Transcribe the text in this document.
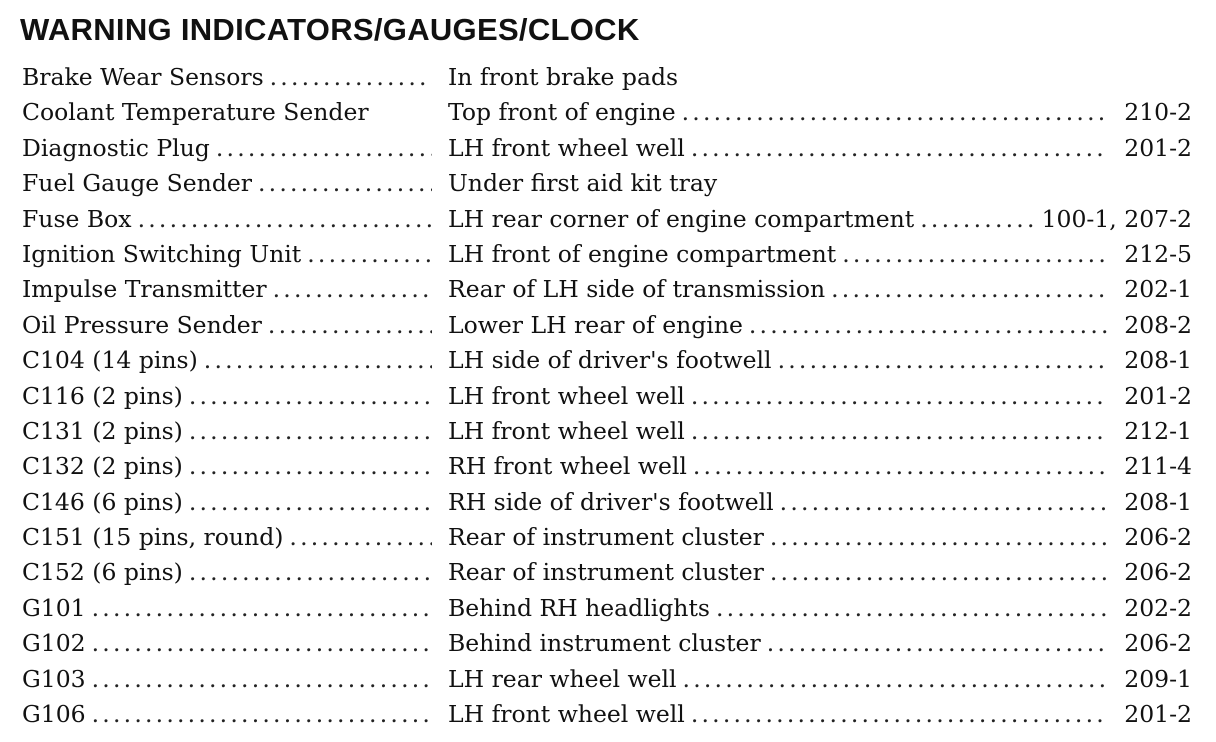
WARNING INDICATORS/GAUGES/CLOCK
Brake Wear Sensors .....	In front brake pads
Coolant Temperature Sender	Top front of engine .....	210-2
Diagnostic Plug .....	LH front wheel well .....	201-2
Fuel Gauge Sender .....	Under first aid kit tray
Fuse Box .....	LH rear corner of engine compartment .....	100-1, 207-2
Ignition Switching Unit .....	LH front of engine compartment .....	212-5
Impulse Transmitter .....	Rear of LH side of transmission .....	202-1
Oil Pressure Sender .....	Lower LH rear of engine .....	208-2
C104 (14 pins) .....	LH side of driver's footwell .....	208-1
C116 (2 pins) .....	LH front wheel well .....	201-2
C131 (2 pins) .....	LH front wheel well .....	212-1
C132 (2 pins) .....	RH front wheel well .....	211-4
C146 (6 pins) .....	RH side of driver's footwell .....	208-1
C151 (15 pins, round) .....	Rear of instrument cluster .....	206-2
C152 (6 pins) .....	Rear of instrument cluster .....	206-2
G101 .....	Behind RH headlights .....	202-2
G102 .....	Behind instrument cluster .....	206-2
G103 .....	LH rear wheel well .....	209-1
G106 .....	LH front wheel well .....	201-2
